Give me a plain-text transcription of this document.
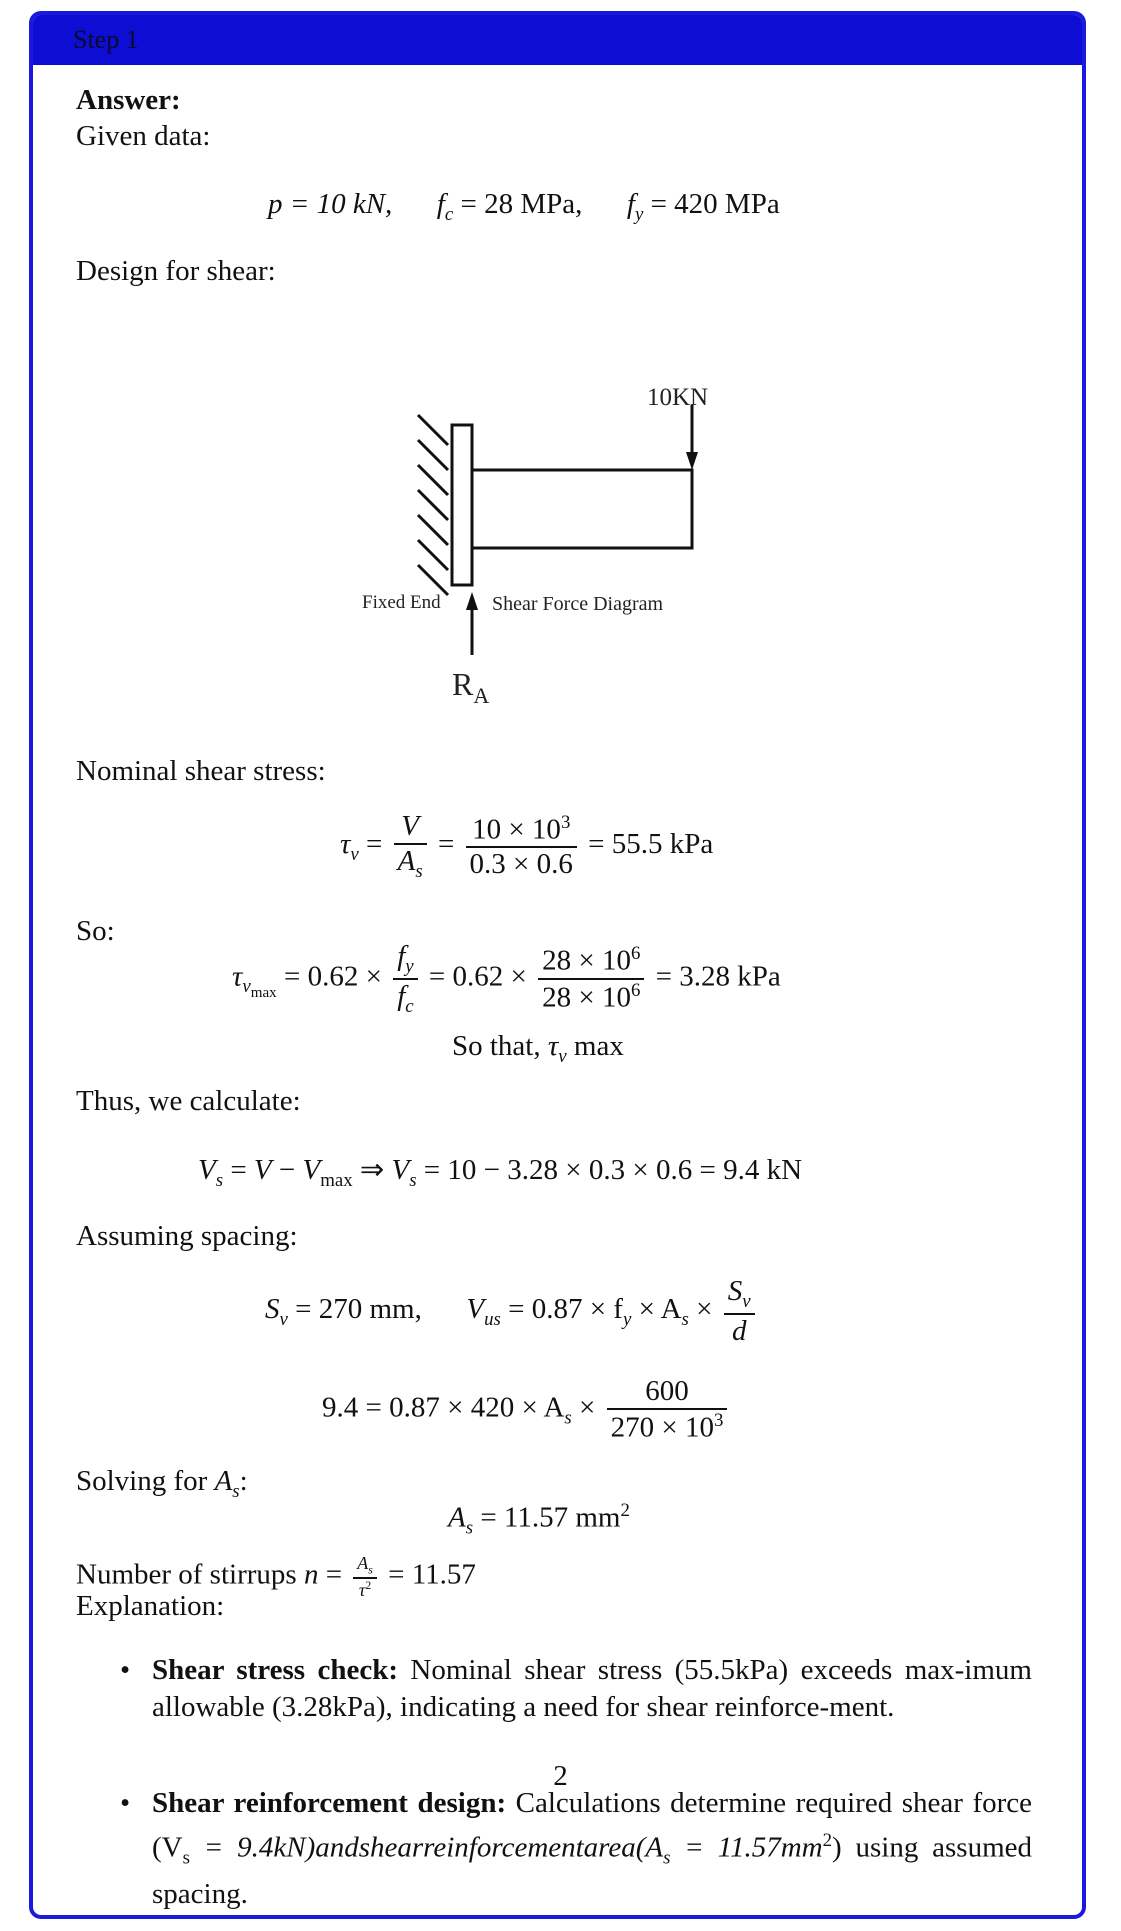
Step 1
Answer:
Given data:
p = 10 kN, $f_c = 28$ MPa, $f_y = 420$ MPa
Design for shear:
10KN
Fixed End	Shear Force Diagram
$R_A$
Nominal shear stress:
$\tau_v = \frac{V}{A_s} = \frac{10 \times 10^3}{0.3 \times 0.6} = 55.5$ kPa
So:
$\tau_{v_{max}} = 0.62 \times \frac{f_y}{f_c} = 0.62 \times \frac{28 \times 10^6}{28 \times 10^6} = 3.28$ kPa
So that, $\tau_v$ max
Thus, we calculate:
$V_s = V - V_{max}$ ⇒ $V_s = 10 - 3.28 \times 0.3 \times 0.6 = 9.4$ kN
Assuming spacing:
$S_v = 270$ mm, $V_{us} = 0.87 \times f_y \times A_s \times \frac{S_v}{d}$
$9.4 = 0.87 \times 420 \times A_s \times \frac{600}{270 \times 10^3}$
Solving for $A_s$:
$A_s = 11.57$ $mm^2$
Number of stirrups $n = \frac{A_s}{\tau^2} = 11.57$
Explanation:
• Shear stress check: Nominal shear stress (55.5kPa) exceeds max-imum allowable (3.28kPa), indicating a need for shear reinforce-ment.
2
• Shear reinforcement design: Calculations determine required shear force ($V_s$ = $9.4kN)andshearreinforcementarea(A_s = 11.57mm^2)$ using assumed spacing.
